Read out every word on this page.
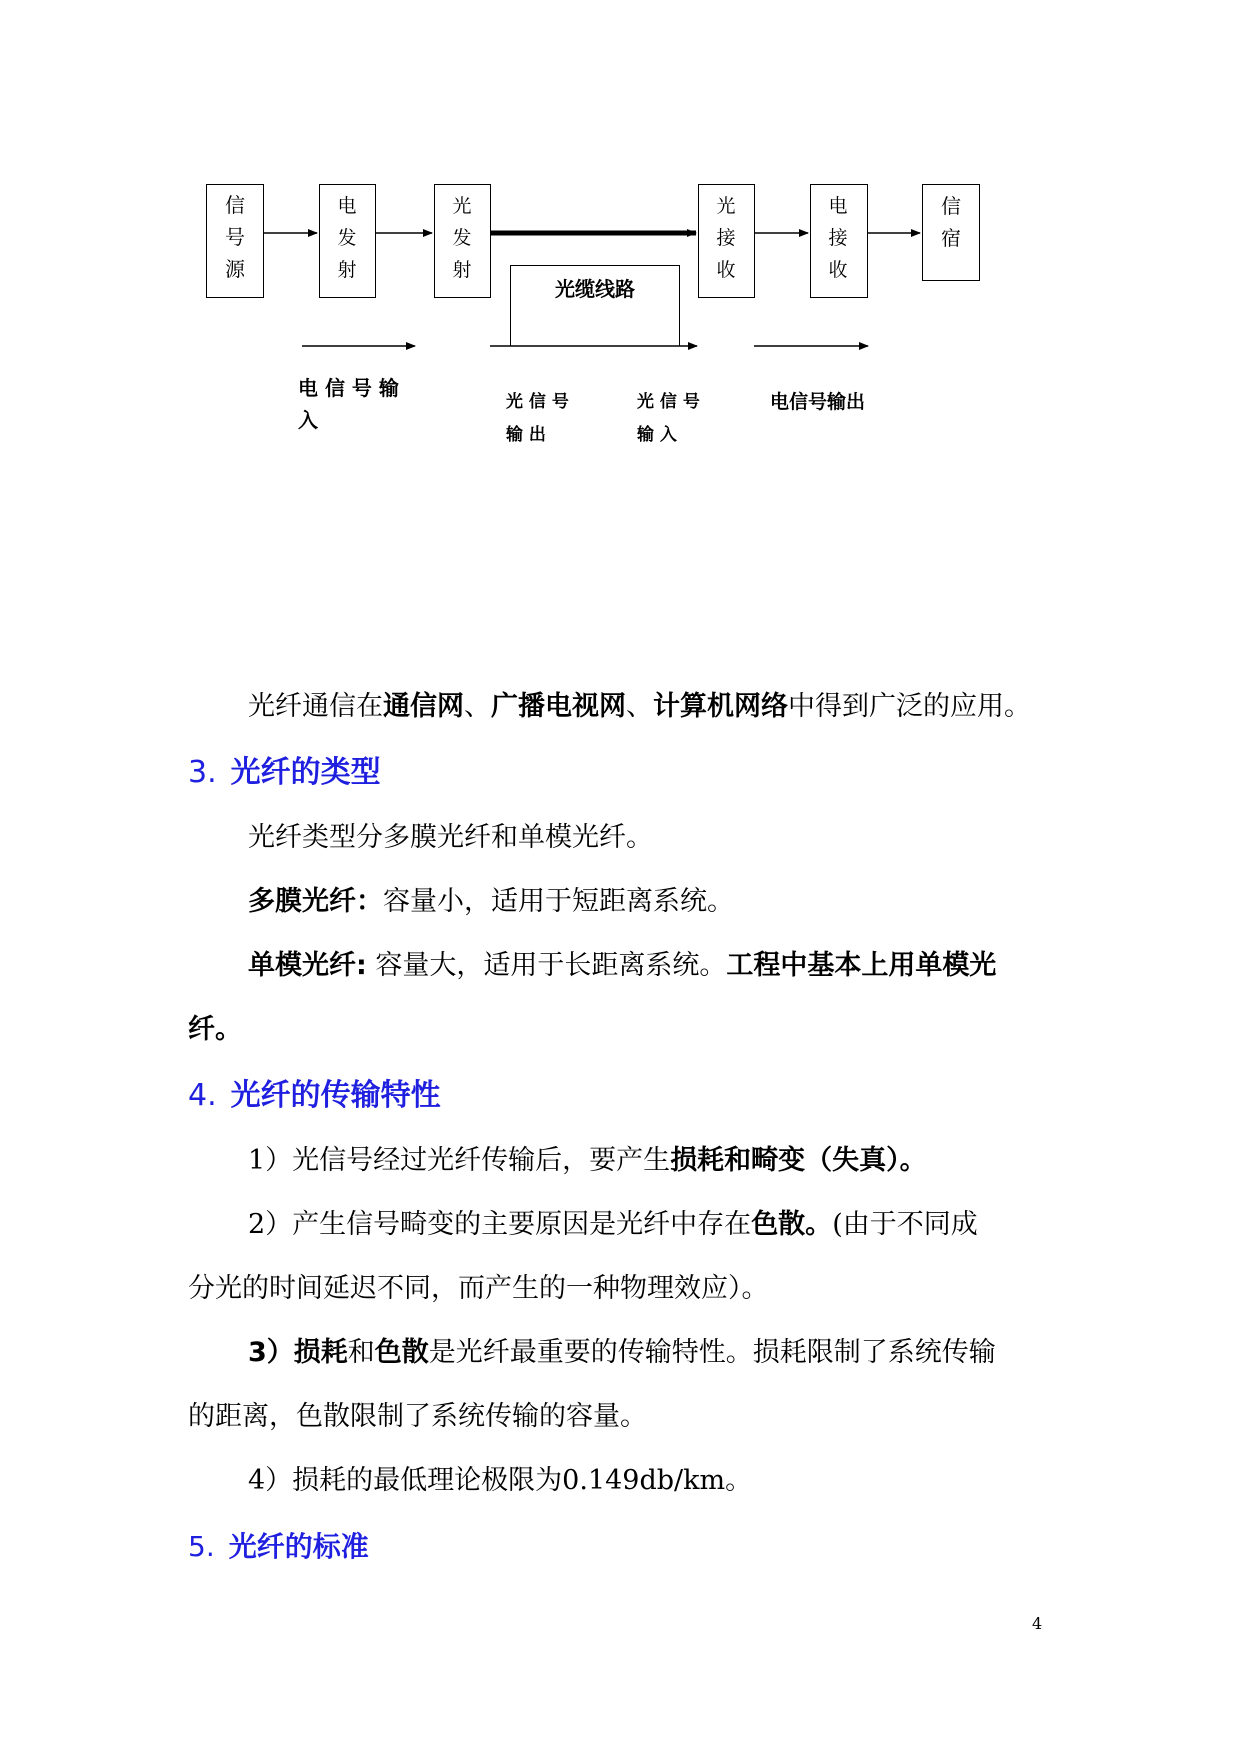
信号源
电发射
光发射
光接收
电接收
信宿
光缆线路
电 信 号 输 入
光 信 号 输 出
光 信 号 输 入
电信号输出
光纤通信在通信网、广播电视网、计算机网络中得到广泛的应用。
3. 光纤的类型
光纤类型分多膜光纤和单模光纤。
多膜光纤：容量小，适用于短距离系统。
单模光纤: 容量大，适用于长距离系统。工程中基本上用单模光
纤。
4. 光纤的传输特性
1）光信号经过光纤传输后，要产生损耗和畸变（失真）。
2）产生信号畸变的主要原因是光纤中存在色散。(由于不同成
分光的时间延迟不同，而产生的一种物理效应）。
3）损耗和色散是光纤最重要的传输特性。损耗限制了系统传输
的距离，色散限制了系统传输的容量。
4）损耗的最低理论极限为0.149db/km。
5. 光纤的标准
4
